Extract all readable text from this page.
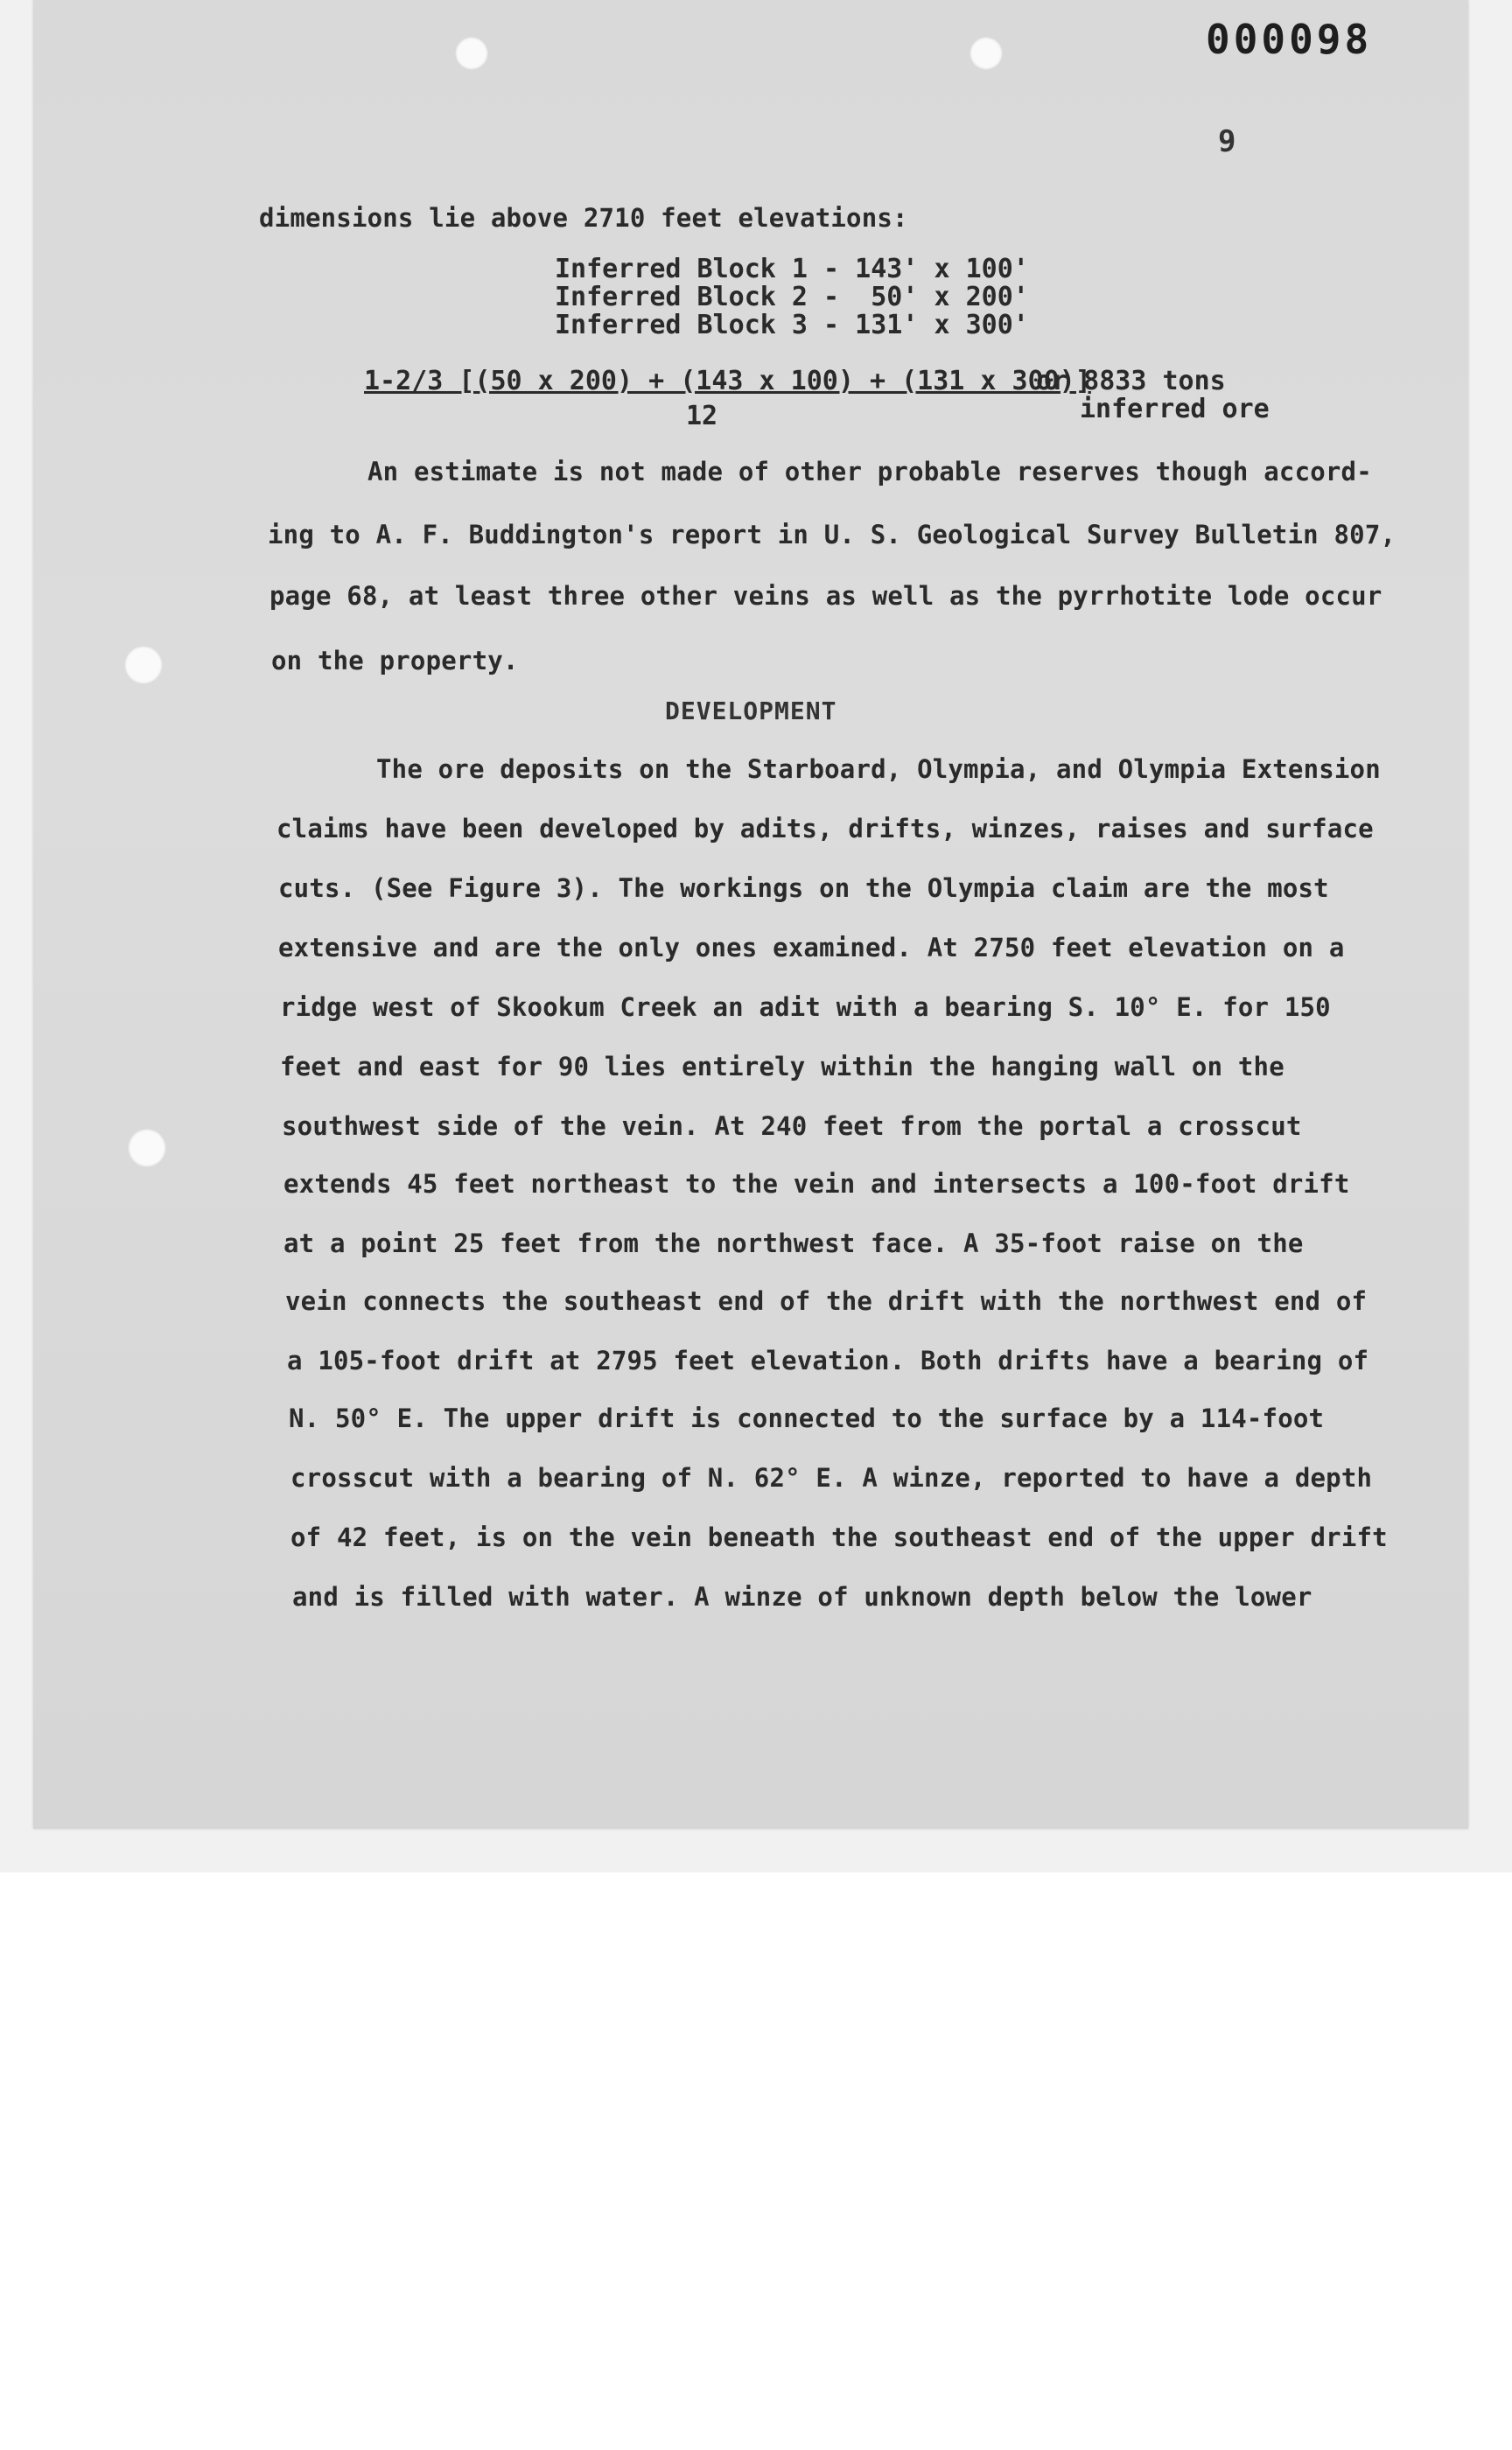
000098
9
dimensions lie above 2710 feet elevations:
Inferred Block 1 - 143' x 100'
Inferred Block 2 -  50' x 200'
Inferred Block 3 - 131' x 300'
1-2/3 [(50 x 200) + (143 x 100) + (131 x 300)]
12
or 8833 tons
inferred ore
An estimate is not made of other probable reserves though accord-
ing to A. F. Buddington's report in U. S. Geological Survey Bulletin 807,
page 68, at least three other veins as well as the pyrrhotite lode occur
on the property.
DEVELOPMENT
The ore deposits on the Starboard, Olympia, and Olympia Extension
claims have been developed by adits, drifts, winzes, raises and surface
cuts. (See Figure 3). The workings on the Olympia claim are the most
extensive and are the only ones examined. At 2750 feet elevation on a
ridge west of Skookum Creek an adit with a bearing S. 10° E. for 150
feet and east for 90 lies entirely within the hanging wall on the
southwest side of the vein. At 240 feet from the portal a crosscut
extends 45 feet northeast to the vein and intersects a 100-foot drift
at a point 25 feet from the northwest face. A 35-foot raise on the
vein connects the southeast end of the drift with the northwest end of
a 105-foot drift at 2795 feet elevation. Both drifts have a bearing of
N. 50° E. The upper drift is connected to the surface by a 114-foot
crosscut with a bearing of N. 62° E. A winze, reported to have a depth
of 42 feet, is on the vein beneath the southeast end of the upper drift
and is filled with water. A winze of unknown depth below the lower
